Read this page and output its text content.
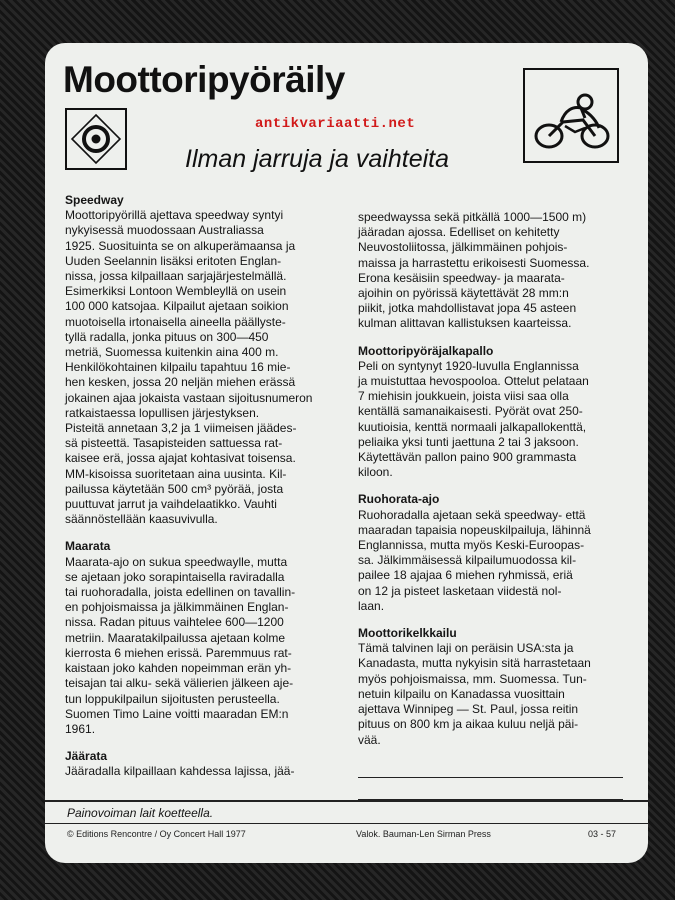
Moottoripyöräily
Ilman jarruja ja vaihteita
antikvariaatti.net

Speedway

Moottoripyörillä ajettava speedway syntyi
nykyisessä muodossaan Australiassa
1925. Suosituinta se on alkuperämaansa ja
Uuden Seelannin lisäksi eritoten Englan-
nissa, jossa kilpaillaan sarjajärjestelmällä.
Esimerkiksi Lontoon Wembleyllä on usein
100 000 katsojaa. Kilpailut ajetaan soikion
muotoisella irtonaisella aineella päällyste-
tyllä radalla, jonka pituus on 300—450
metriä, Suomessa kuitenkin aina 400 m.
Henkilökohtainen kilpailu tapahtuu 16 mie-
hen kesken, jossa 20 neljän miehen erässä
jokainen ajaa jokaista vastaan sijoitusnumeron
ratkaistaessa lopullisen järjestyksen.
Pisteitä annetaan 3,2 ja 1 viimeisen jäädes-
sä pisteettä. Tasapisteiden sattuessa rat-
kaisee erä, jossa ajajat kohtasivat toisensa.
MM-kisoissa suoritetaan aina uusinta. Kil-
pailussa käytetään 500 cm³ pyörää, josta
puuttuvat jarrut ja vaihdelaatikko. Vauhti
säännöstellään kaasuvivulla.

Maarata

Maarata-ajo on sukua speedwaylle, mutta
se ajetaan joko sorapintaisella raviradalla
tai ruohoradalla, joista edellinen on tavallin-
en pohjoismaissa ja jälkimmäinen Englan-
nissa. Radan pituus vaihtelee 600—1200
metriin. Maaratakilpailussa ajetaan kolme
kierrosta 6 miehen erissä. Paremmuus rat-
kaistaan joko kahden nopeimman erän yh-
teisajan tai alku- sekä välierien jälkeen aje-
tun loppukilpailun sijoitusten perusteella.
Suomen Timo Laine voitti maaradan EM:n
1961.

Jäärata

Jääradalla kilpaillaan kahdessa lajissa, jää-

speedwayssa sekä pitkällä 1000—1500 m)
jääradan ajossa. Edelliset on kehitetty
Neuvostoliitossa, jälkimmäinen pohjois-
maissa ja harrastettu erikoisesti Suomessa.
Erona kesäisiin speedway- ja maarata-
ajoihin on pyörissä käytettävät 28 mm:n
piikit, jotka mahdollistavat jopa 45 asteen
kulman alittavan kallistuksen kaarteissa.

Moottoripyöräjalkapallo

Peli on syntynyt 1920-luvulla Englannissa
ja muistuttaa hevospoolоa. Ottelut pelataan
7 miehisin joukkuein, joista viisi saa olla
kentällä samanaikaisesti. Pyörät ovat 250-
kuutioisia, kenttä normaali jalkapallokenttä,
peliaika yksi tunti jaettuna 2 tai 3 jaksoon.
Käytettävän pallon paino 900 grammasta
kiloon.

Ruohorata-ajo

Ruohoradalla ajetaan sekä speedway- että
maaradan tapaisia nopeuskilpailuja, lähinnä
Englannissa, mutta myös Keski-Euroopas-
sa. Jälkimmäisessä kilpailumuodossa kil-
pailee 18 ajajaa 6 miehen ryhmissä, eriä
on 12 ja pisteet lasketaan viidestä nol-
laan.

Moottorikelkkailu

Tämä talvinen laji on peräisin USA:sta ja
Kanadasta, mutta nykyisin sitä harrastetaan
myös pohjoismaissa, mm. Suomessa. Tun-
netuin kilpailu on Kanadassa vuosittain
ajettava Winnipeg — St. Paul, jossa reitin
pituus on 800 km ja aikaa kuluu neljä päi-
vää.

Painovoiman lait koetteella.
© Editions Rencontre / Oy Concert Hall 1977	Valok. Bauman-Len Sirman Press	03 - 57
